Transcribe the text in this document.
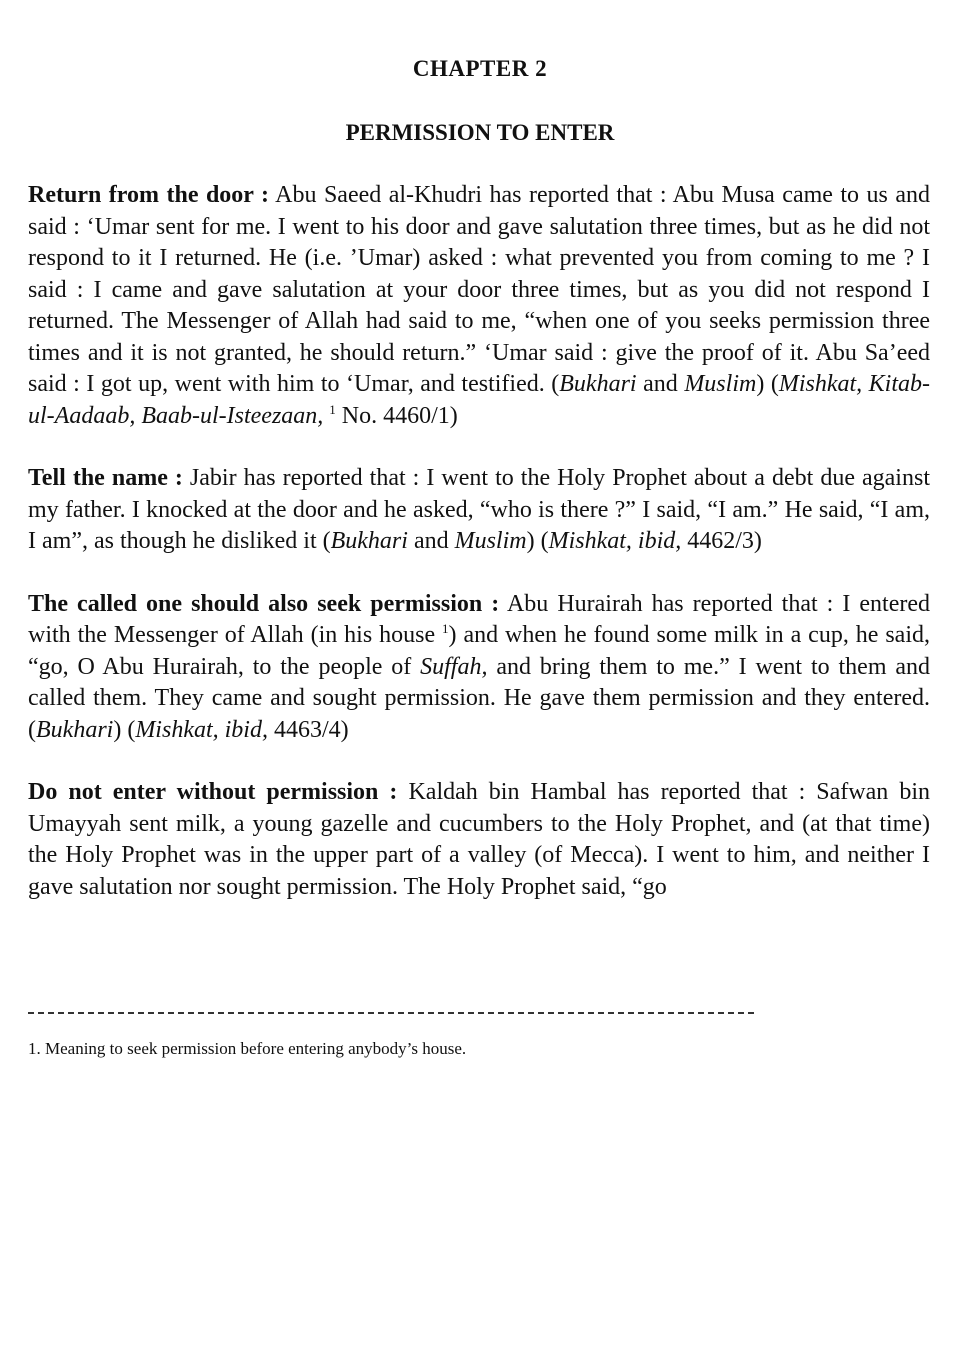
CHAPTER 2
PERMISSION TO ENTER

Return from the door : Abu Saeed al-Khudri has reported that : Abu Musa came to us and said : ‘Umar sent for me. I went to his door and gave salutation three times, but as he did not respond to it I returned. He (i.e. ’Umar) asked : what prevented you from coming to me ? I said : I came and gave salutation at your door three times, but as you did not respond I returned. The Messenger of Allah had said to me, “when one of you seeks permission three times and it is not granted, he should return.” ‘Umar said : give the proof of it. Abu Sa’eed said : I got up, went with him to ‘Umar, and testified. (Bukhari and Muslim) (Mishkat, Kitab-ul-Aadaab, Baab-ul-Isteezaan, $^1$ No. 4460/1)

Tell the name : Jabir has reported that : I went to the Holy Prophet about a debt due against my father. I knocked at the door and he asked, “who is there ?” I said, “I am.” He said, “I am, I am”, as though he disliked it (Bukhari and Muslim) (Mishkat, ibid, 4462/3)

The called one should also seek permission : Abu Hurairah has reported that : I entered with the Messenger of Allah (in his house $^1$) and when he found some milk in a cup, he said, “go, O Abu Hurairah, to the people of Suffah, and bring them to me.” I went to them and called them. They came and sought permission. He gave them permission and they entered. (Bukhari) (Mishkat, ibid, 4463/4)

Do not enter without permission : Kaldah bin Hambal has reported that : Safwan bin Umayyah sent milk, a young gazelle and cucumbers to the Holy Prophet, and (at that time) the Holy Prophet was in the upper part of a valley (of Mecca). I went to him, and neither I gave salutation nor sought permission. The Holy Prophet said, “go

1. Meaning to seek permission before entering anybody’s house.
